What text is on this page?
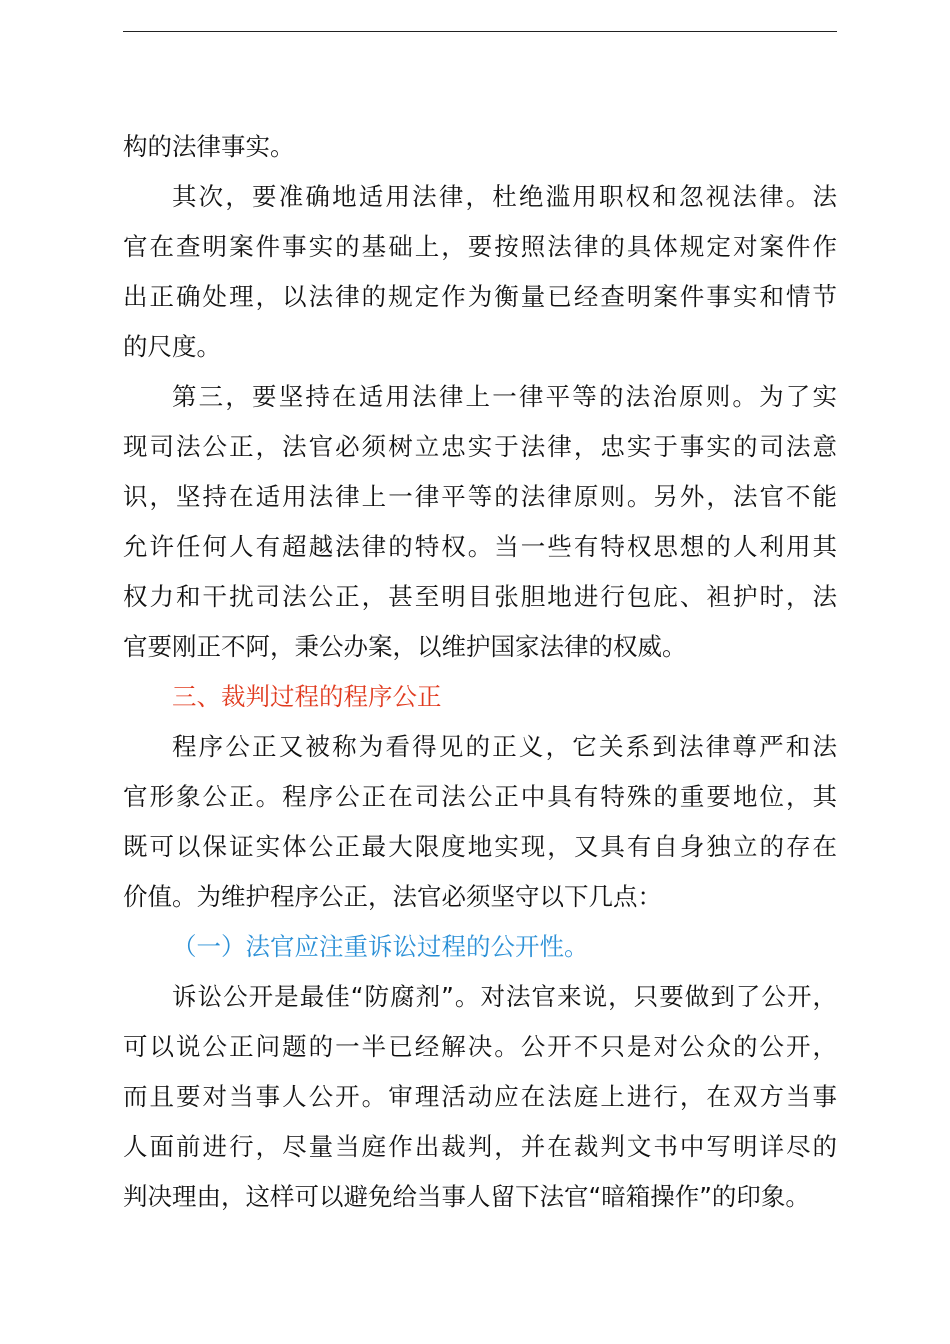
构的法律事实。
其次，要准确地适用法律，杜绝滥用职权和忽视法律。法
官在查明案件事实的基础上，要按照法律的具体规定对案件作
出正确处理，以法律的规定作为衡量已经查明案件事实和情节
的尺度。
第三，要坚持在适用法律上一律平等的法治原则。为了实
现司法公正，法官必须树立忠实于法律，忠实于事实的司法意
识，坚持在适用法律上一律平等的法律原则。另外，法官不能
允许任何人有超越法律的特权。当一些有特权思想的人利用其
权力和干扰司法公正，甚至明目张胆地进行包庇、袒护时，法
官要刚正不阿，秉公办案，以维护国家法律的权威。
三、裁判过程的程序公正
程序公正又被称为看得见的正义，它关系到法律尊严和法
官形象公正。程序公正在司法公正中具有特殊的重要地位，其
既可以保证实体公正最大限度地实现，又具有自身独立的存在
价值。为维护程序公正，法官必须坚守以下几点：
（一）法官应注重诉讼过程的公开性。
诉讼公开是最佳“防腐剂”。对法官来说，只要做到了公开，
可以说公正问题的一半已经解决。公开不只是对公众的公开，
而且要对当事人公开。审理活动应在法庭上进行，在双方当事
人面前进行，尽量当庭作出裁判，并在裁判文书中写明详尽的
判决理由，这样可以避免给当事人留下法官“暗箱操作”的印象。
